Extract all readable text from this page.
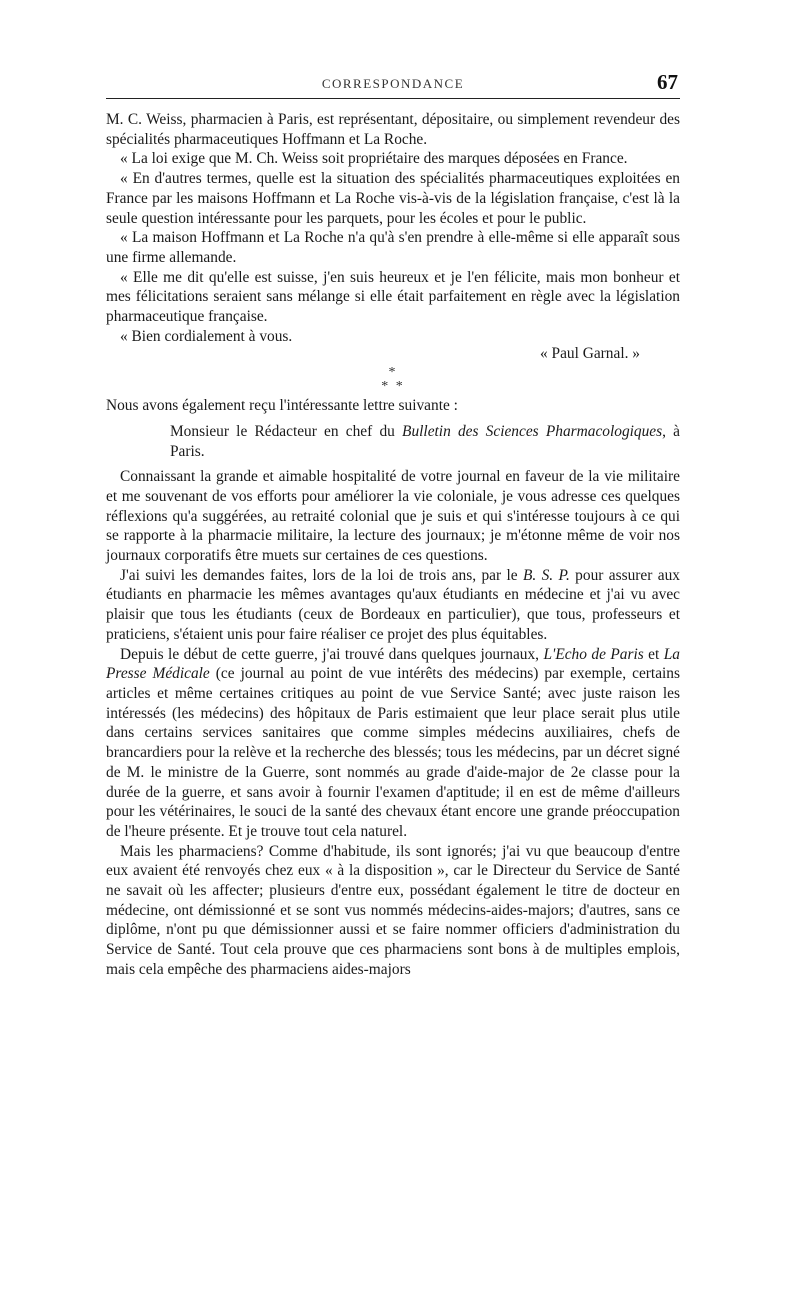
CORRESPONDANCE	67

M. C. Weiss, pharmacien à Paris, est représentant, dépositaire, ou simplement revendeur des spécialités pharmaceutiques Hoffmann et La Roche.

« La loi exige que M. Ch. Weiss soit propriétaire des marques déposées en France.

« En d'autres termes, quelle est la situation des spécialités pharmaceutiques exploitées en France par les maisons Hoffmann et La Roche vis-à-vis de la législation française, c'est là la seule question intéressante pour les parquets, pour les écoles et pour le public.

« La maison Hoffmann et La Roche n'a qu'à s'en prendre à elle-même si elle apparaît sous une firme allemande.

« Elle me dit qu'elle est suisse, j'en suis heureux et je l'en félicite, mais mon bonheur et mes félicitations seraient sans mélange si elle était parfaitement en règle avec la législation pharmaceutique française.

« Bien cordialement à vous.

« Paul Garnal. »

*
* *

Nous avons également reçu l'intéressante lettre suivante :

Monsieur le Rédacteur en chef du Bulletin des Sciences Pharmacologiques, à Paris.

Connaissant la grande et aimable hospitalité de votre journal en faveur de la vie militaire et me souvenant de vos efforts pour améliorer la vie coloniale, je vous adresse ces quelques réflexions qu'a suggérées, au retraité colonial que je suis et qui s'intéresse toujours à ce qui se rapporte à la pharmacie militaire, la lecture des journaux; je m'étonne même de voir nos journaux corporatifs être muets sur certaines de ces questions.

J'ai suivi les demandes faites, lors de la loi de trois ans, par le B. S. P. pour assurer aux étudiants en pharmacie les mêmes avantages qu'aux étudiants en médecine et j'ai vu avec plaisir que tous les étudiants (ceux de Bordeaux en particulier), que tous, professeurs et praticiens, s'étaient unis pour faire réaliser ce projet des plus équitables.

Depuis le début de cette guerre, j'ai trouvé dans quelques journaux, L'Echo de Paris et La Presse Médicale (ce journal au point de vue intérêts des médecins) par exemple, certains articles et même certaines critiques au point de vue Service Santé; avec juste raison les intéressés (les médecins) des hôpitaux de Paris estimaient que leur place serait plus utile dans certains services sanitaires que comme simples médecins auxiliaires, chefs de brancardiers pour la relève et la recherche des blessés; tous les médecins, par un décret signé de M. le ministre de la Guerre, sont nommés au grade d'aide-major de 2e classe pour la durée de la guerre, et sans avoir à fournir l'examen d'aptitude; il en est de même d'ailleurs pour les vétérinaires, le souci de la santé des chevaux étant encore une grande préoccupation de l'heure présente. Et je trouve tout cela naturel.

Mais les pharmaciens? Comme d'habitude, ils sont ignorés; j'ai vu que beaucoup d'entre eux avaient été renvoyés chez eux « à la disposition », car le Directeur du Service de Santé ne savait où les affecter; plusieurs d'entre eux, possédant également le titre de docteur en médecine, ont démissionné et se sont vus nommés médecins-aides-majors; d'autres, sans ce diplôme, n'ont pu que démissionner aussi et se faire nommer officiers d'administration du Service de Santé. Tout cela prouve que ces pharmaciens sont bons à de multiples emplois, mais cela empêche des pharmaciens aides-majors
